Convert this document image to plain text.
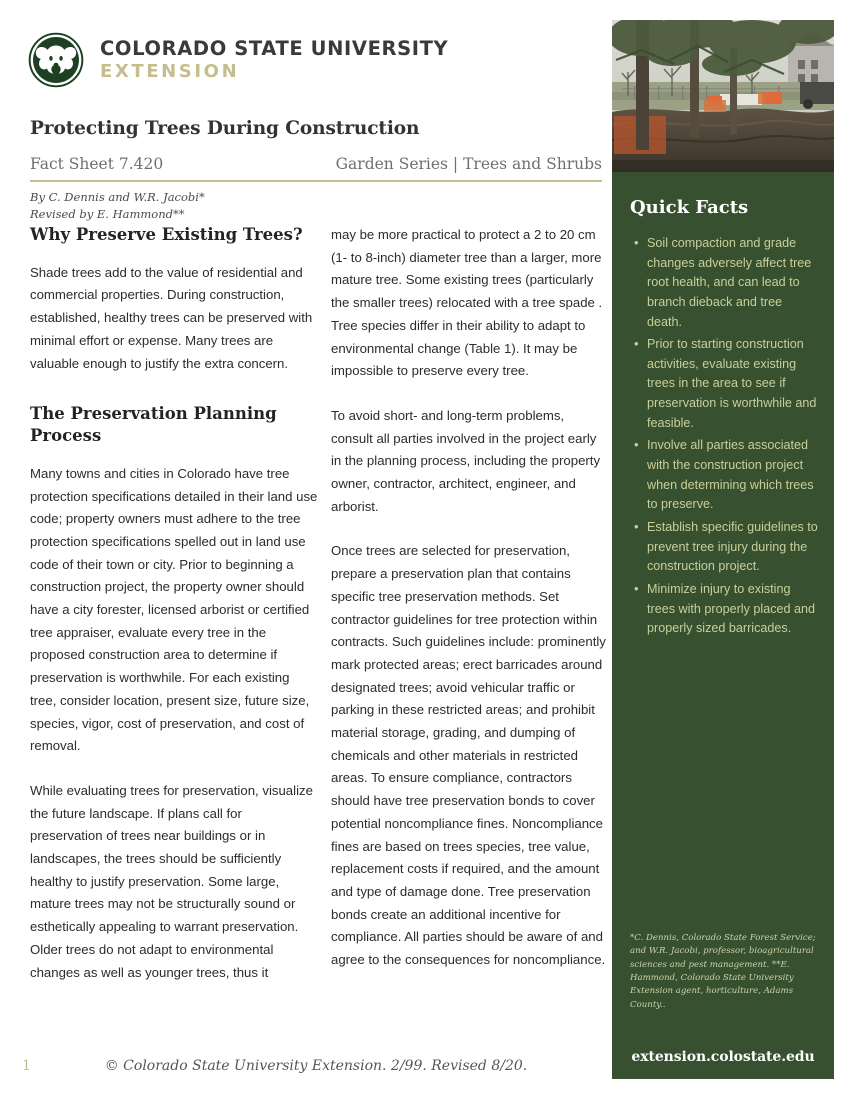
COLORADO STATE UNIVERSITY
EXTENSION
Protecting Trees During Construction
Fact Sheet 7.420	Garden Series | Trees and Shrubs
By C. Dennis and W.R. Jacobi*
Revised by E. Hammond**
Why Preserve Existing Trees?

Shade trees add to the value of residential and commercial properties. During construction, established, healthy trees can be preserved with minimal effort or expense. Many trees are valuable enough to justify the extra concern.

The Preservation Planning Process

Many towns and cities in Colorado have tree protection specifications detailed in their land use code; property owners must adhere to the tree protection specifications spelled out in land use code of their town or city. Prior to beginning a construction project, the property owner should have a city forester, licensed arborist or certified tree appraiser, evaluate every tree in the proposed construction area to determine if preservation is worthwhile. For each existing tree, consider location, present size, future size, species, vigor, cost of preservation, and cost of removal.

While evaluating trees for preservation, visualize the future landscape. If plans call for preservation of trees near buildings or in landscapes, the trees should be sufficiently healthy to justify preservation. Some large, mature trees may not be structurally sound or esthetically appealing to warrant preservation. Older trees do not adapt to environmental changes as well as younger trees, thus it

may be more practical to protect a 2 to 20 cm (1- to 8-inch) diameter tree than a larger, more mature tree. Some existing trees (particularly the smaller trees) relocated with a tree spade . Tree species differ in their ability to adapt to environmental change (Table 1). It may be impossible to preserve every tree.

To avoid short- and long-term problems, consult all parties involved in the project early in the planning process, including the property owner, contractor, architect, engineer, and arborist.

Once trees are selected for preservation, prepare a preservation plan that contains specific tree preservation methods. Set contractor guidelines for tree protection within contracts. Such guidelines include: prominently mark protected areas; erect barricades around designated trees; avoid vehicular traffic or parking in these restricted areas; and prohibit material storage, grading, and dumping of chemicals and other materials in restricted areas. To ensure compliance, contractors should have tree preservation bonds to cover potential noncompliance fines. Noncompliance fines are based on trees species, tree value, replacement costs if required, and the amount and type of damage done. Tree preservation bonds create an additional incentive for compliance. All parties should be aware of and agree to the consequences for noncompliance.

Quick Facts
• Soil compaction and grade changes adversely affect tree root health, and can lead to branch dieback and tree death.
• Prior to starting construction activities, evaluate existing trees in the area to see if preservation is worthwhile and feasible.
• Involve all parties associated with the construction project when determining which trees to preserve.
• Establish specific guidelines to prevent tree injury during the construction project.
• Minimize injury to existing trees with properly placed and properly sized barricades.
*C. Dennis, Colorado State Forest Service; and W.R. Jacobi, professor, bioagricultural sciences and pest management. **E. Hammond, Colorado State University Extension agent, horticulture, Adams County..
extension.colostate.edu
1	© Colorado State University Extension. 2/99. Revised 8/20.
